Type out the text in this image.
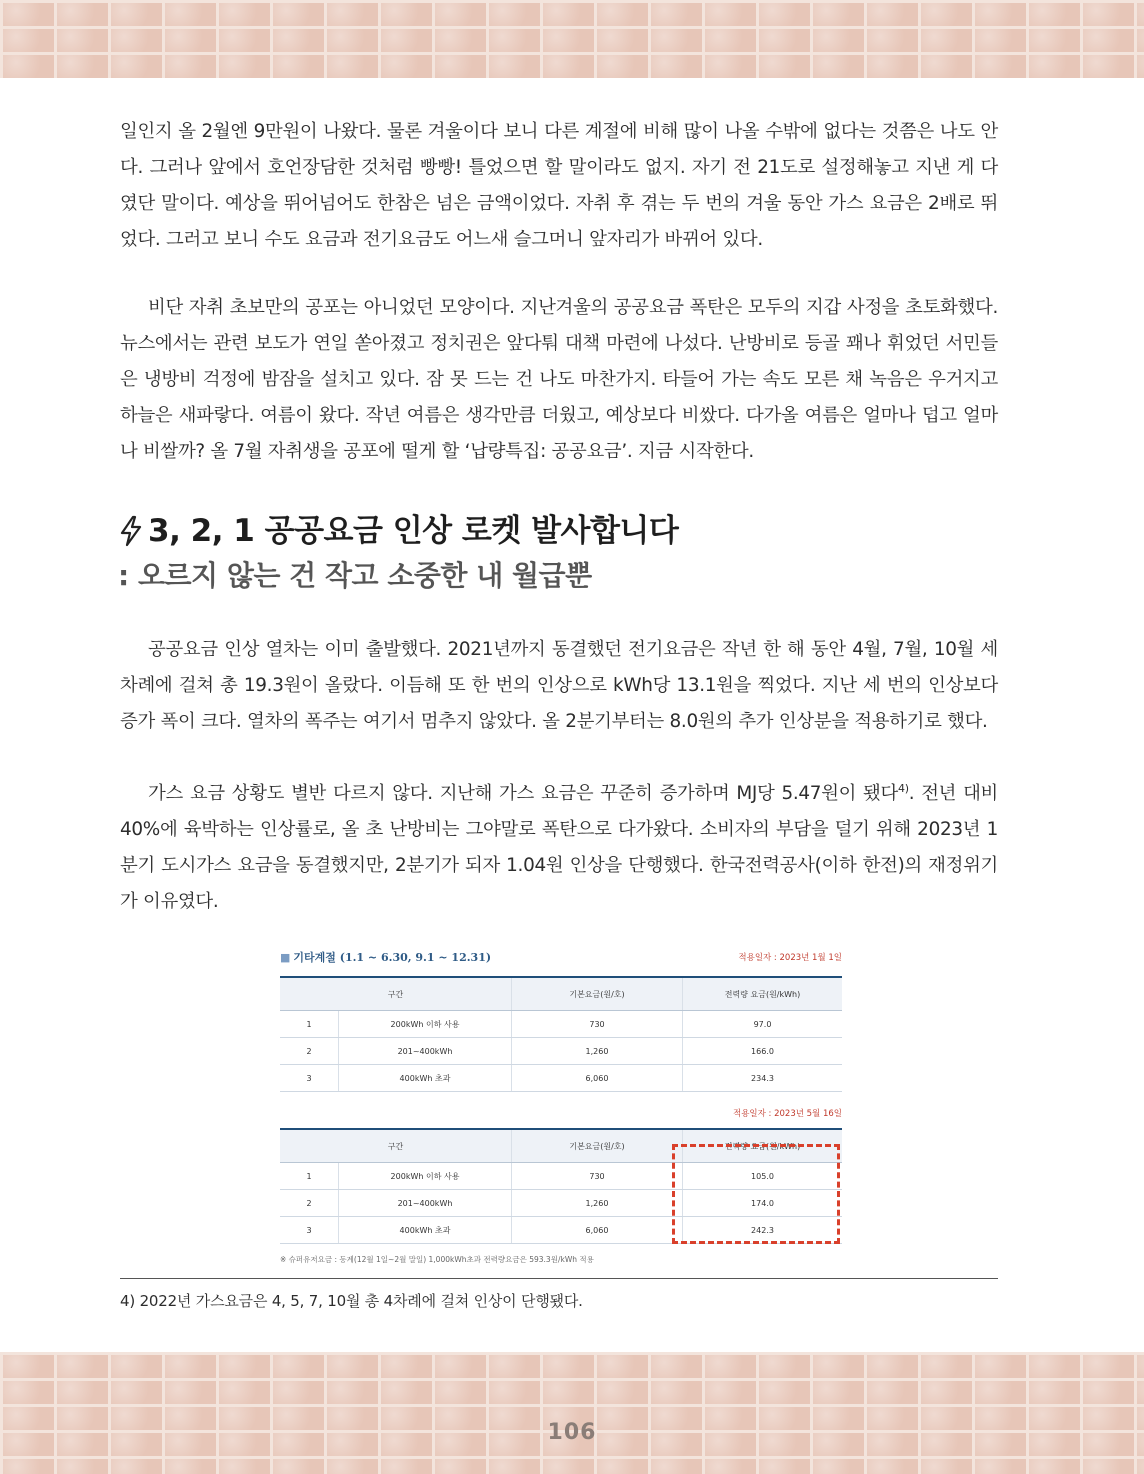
일인지 올 2월엔 9만원이 나왔다. 물론 겨울이다 보니 다른 계절에 비해 많이 나올 수밖에 없다는 것쯤은 나도 안다. 그러나 앞에서 호언장담한 것처럼 빵빵! 틀었으면 할 말이라도 없지. 자기 전 21도로 설정해놓고 지낸 게 다였단 말이다. 예상을 뛰어넘어도 한참은 넘은 금액이었다. 자취 후 겪는 두 번의 겨울 동안 가스 요금은 2배로 뛰었다. 그러고 보니 수도 요금과 전기요금도 어느새 슬그머니 앞자리가 바뀌어 있다.

비단 자취 초보만의 공포는 아니었던 모양이다. 지난겨울의 공공요금 폭탄은 모두의 지갑 사정을 초토화했다. 뉴스에서는 관련 보도가 연일 쏟아졌고 정치권은 앞다퉈 대책 마련에 나섰다. 난방비로 등골 꽤나 휘었던 서민들은 냉방비 걱정에 밤잠을 설치고 있다. 잠 못 드는 건 나도 마찬가지. 타들어 가는 속도 모른 채 녹음은 우거지고 하늘은 새파랗다. 여름이 왔다. 작년 여름은 생각만큼 더웠고, 예상보다 비쌌다. 다가올 여름은 얼마나 덥고 얼마나 비쌀까? 올 7월 자취생을 공포에 떨게 할 ‘납량특집: 공공요금’. 지금 시작한다.

3, 2, 1 공공요금 인상 로켓 발사합니다
: 오르지 않는 건 작고 소중한 내 월급뿐

공공요금 인상 열차는 이미 출발했다. 2021년까지 동결했던 전기요금은 작년 한 해 동안 4월, 7월, 10월 세 차례에 걸쳐 총 19.3원이 올랐다. 이듬해 또 한 번의 인상으로 kWh당 13.1원을 찍었다. 지난 세 번의 인상보다 증가 폭이 크다. 열차의 폭주는 여기서 멈추지 않았다. 올 2분기부터는 8.0원의 추가 인상분을 적용하기로 했다.

가스 요금 상황도 별반 다르지 않다. 지난해 가스 요금은 꾸준히 증가하며 MJ당 5.47원이 됐다$^{4)}$. 전년 대비 40%에 육박하는 인상률로, 올 초 난방비는 그야말로 폭탄으로 다가왔다. 소비자의 부담을 덜기 위해 2023년 1분기 도시가스 요금을 동결했지만, 2분기가 되자 1.04원 인상을 단행했다. 한국전력공사(이하 한전)의 재정위기가 이유였다.

■ 기타계절 (1.1 ~ 6.30, 9.1 ~ 12.31)	적용일자 : 2023년 1월 1일
구간		기본요금(원/호)	전력량 요금(원/kWh)
1	200kWh 이하 사용	730	97.0
2	201~400kWh	1,260	166.0
3	400kWh 초과	6,060	234.3
적용일자 : 2023년 5월 16일
구간		기본요금(원/호)	전력량 요금(원/kWh)
1	200kWh 이하 사용	730	105.0
2	201~400kWh	1,260	174.0
3	400kWh 초과	6,060	242.3
※ 슈퍼유저요금 : 동계(12월 1일~2월 말일) 1,000kWh초과 전력량요금은 593.3원/kWh 적용
4) 2022년 가스요금은 4, 5, 7, 10월 총 4차례에 걸쳐 인상이 단행됐다.
106
